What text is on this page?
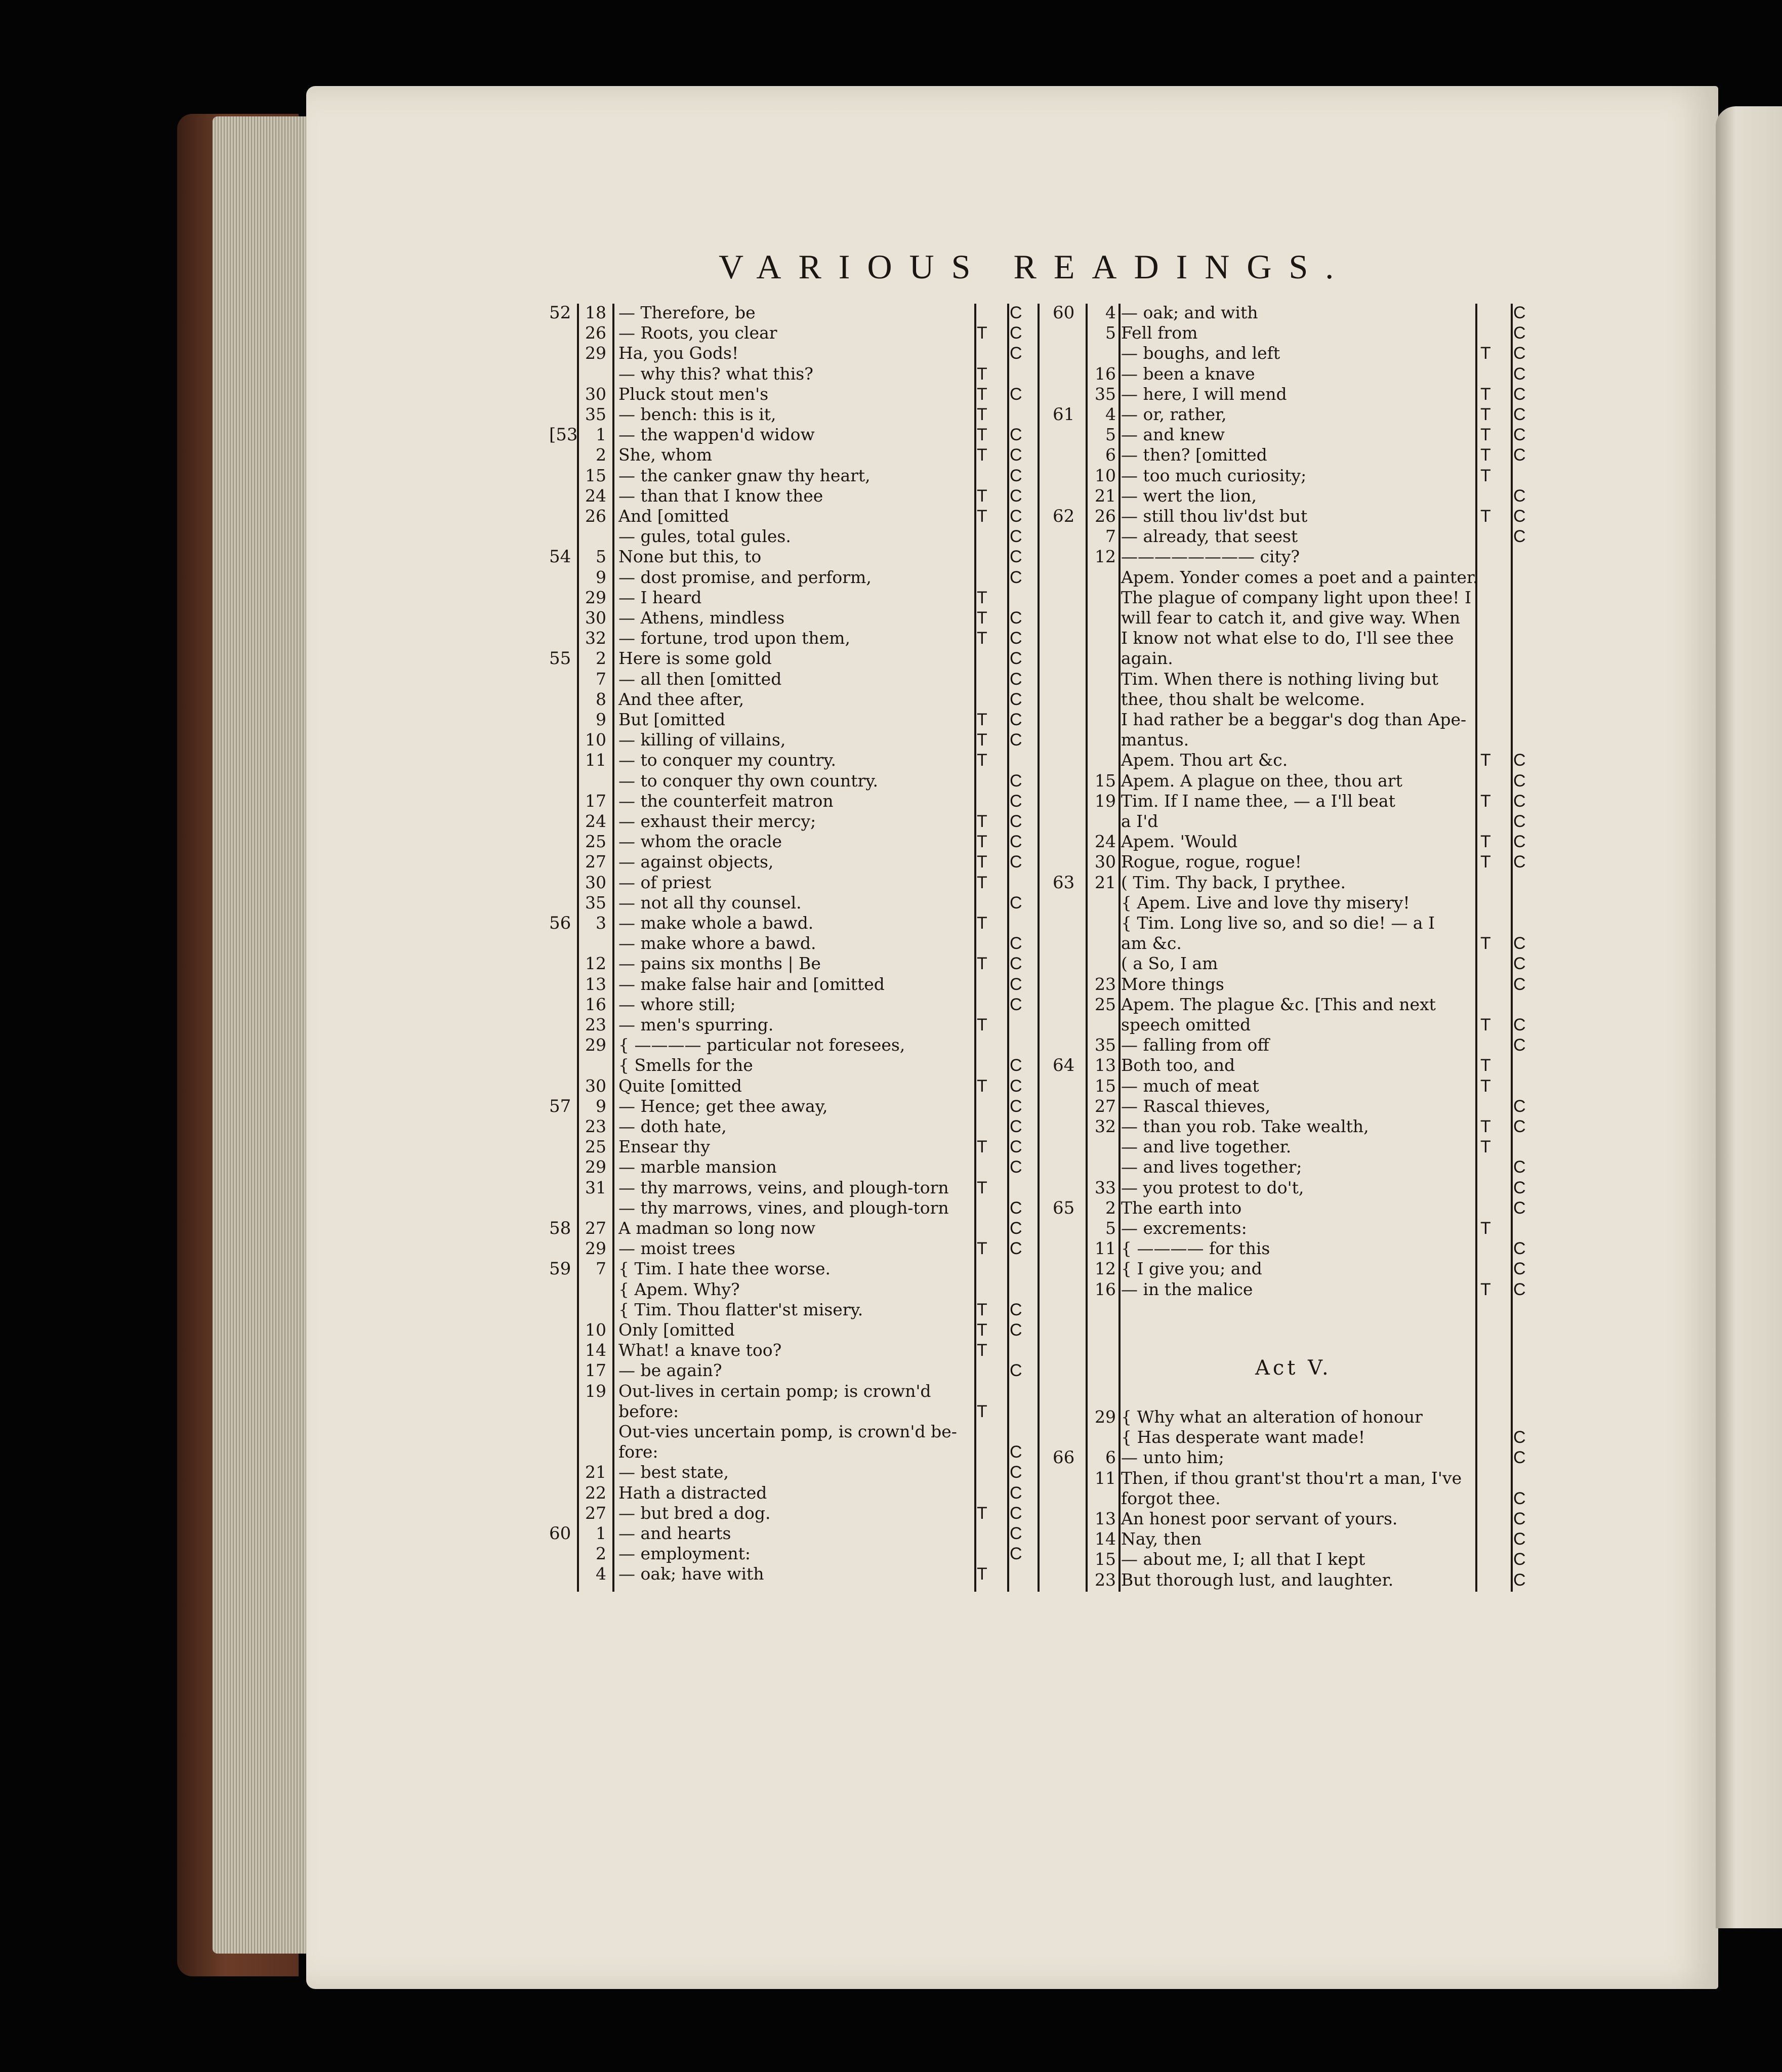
VARIOUS READINGS.
52 18 — Therefore, be	C
26 — Roots, you clear	T C
29 Ha, you Gods!	C
— why this? what this?	T
30 Pluck stout men's	T C
35 — bench: this is it,	T
[53	1 — the wappen'd widow	T C
2 She, whom	T C
15 — the canker gnaw thy heart,	C
24 — than that I know thee	T C
26 And [omitted	T C
— gules, total gules.	C
54	5 None but this, to	C
9 — dost promise, and perform,	C
29 — I heard	T
30 — Athens, mindless	T C
32 — fortune, trod upon them,	T C
55	2 Here is some gold	C
7 — all then [omitted	C
8 And thee after,	C
9 But [omitted	T C
10 — killing of villains,	T C
11 — to conquer my country.	T
— to conquer thy own country.	C
17 — the counterfeit matron	C
24 — exhaust their mercy;	T C
25 — whom the oracle	T C
27 — against objects,	T C
30 — of priest	T
35 — not all thy counsel.	C
56	3 — make whole a bawd.	T
— make whore a bawd.	C
12 — pains six months | Be	T C
13 — make false hair and [omitted	C
16 — whore still;	C
23 — men's spurring.	T
29 { ———— particular not foresees,
{ Smells for the	C
30 Quite [omitted	T C
57	9 — Hence; get thee away,	C
23 — doth hate,	C
25 Ensear thy	T C
29 — marble mansion	C
31 — thy marrows, veins, and plough-torn T
— thy marrows, vines, and plough-torn	C
58 27 A madman so long now	C
29 — moist trees	T C
59	7 { Tim. I hate thee worse.
{ Apem. Why?
{ Tim. Thou flatter'st misery.	T C
10 Only [omitted	T C
14 What! a knave too?	T
17 — be again?	C
19 Out-lives in certain pomp; is crown'd
before:	T
Out-vies uncertain pomp, is crown'd be-
fore:	C
21 — best state,	C
22 Hath a distracted	C
27 — but bred a dog.	T C
60	1 — and hearts	C
2 — employment:	C
4 — oak; have with	T
60	4 — oak; and with	C
5 Fell from	C
— boughs, and left	T C
16 — been a knave	C
35 — here, I will mend	T C
61	4 — or, rather,	T C
5 — and knew	T C
6 — then? [omitted	T C
10 — too much curiosity;	T
21 — wert the lion,	C
62	26 — still thou liv'dst but	T C
7 — already, that seest	C
12 ———————— city?
Apem. Yonder comes a poet and a painter.
The plague of company light upon thee! I
will fear to catch it, and give way. When
I know not what else to do, I'll see thee
again.
Tim. When there is nothing living but
thee, thou shalt be welcome.
I had rather be a beggar's dog than Ape-
mantus.
Apem. Thou art &c.	T C
15 Apem. A plague on thee, thou art	C
19 Tim. If I name thee, — a I'll beat	T C
a I'd	C
24 Apem. 'Would	T C
30 Rogue, rogue, rogue!	T C
63	21 ( Tim. Thy back, I prythee.
{ Apem. Live and love thy misery!
{ Tim. Long live so, and so die! — a I
am &c.	T C
( a So, I am	C
23 More things	C
25 Apem. The plague &c. [This and next
speech omitted	T C
35 — falling from off	C
64	13 Both too, and	T
15 — much of meat	T
27 — Rascal thieves,	C
32 — than you rob. Take wealth,	T C
— and live together.	T
— and lives together;	C
33 — you protest to do't,	C
65	2 The earth into	C
5 — excrements:	T
11 { ———— for this	C
12 { I give you; and	C
16 — in the malice	T C
Act V.
29 { Why what an alteration of honour
{ Has desperate want made!	C
66	6 — unto him;	C
11 Then, if thou grant'st thou'rt a man, I've
forgot thee.	C
13 An honest poor servant of yours.	C
14 Nay, then	C
15 — about me, I; all that I kept	C
23 But thorough lust, and laughter.	C
